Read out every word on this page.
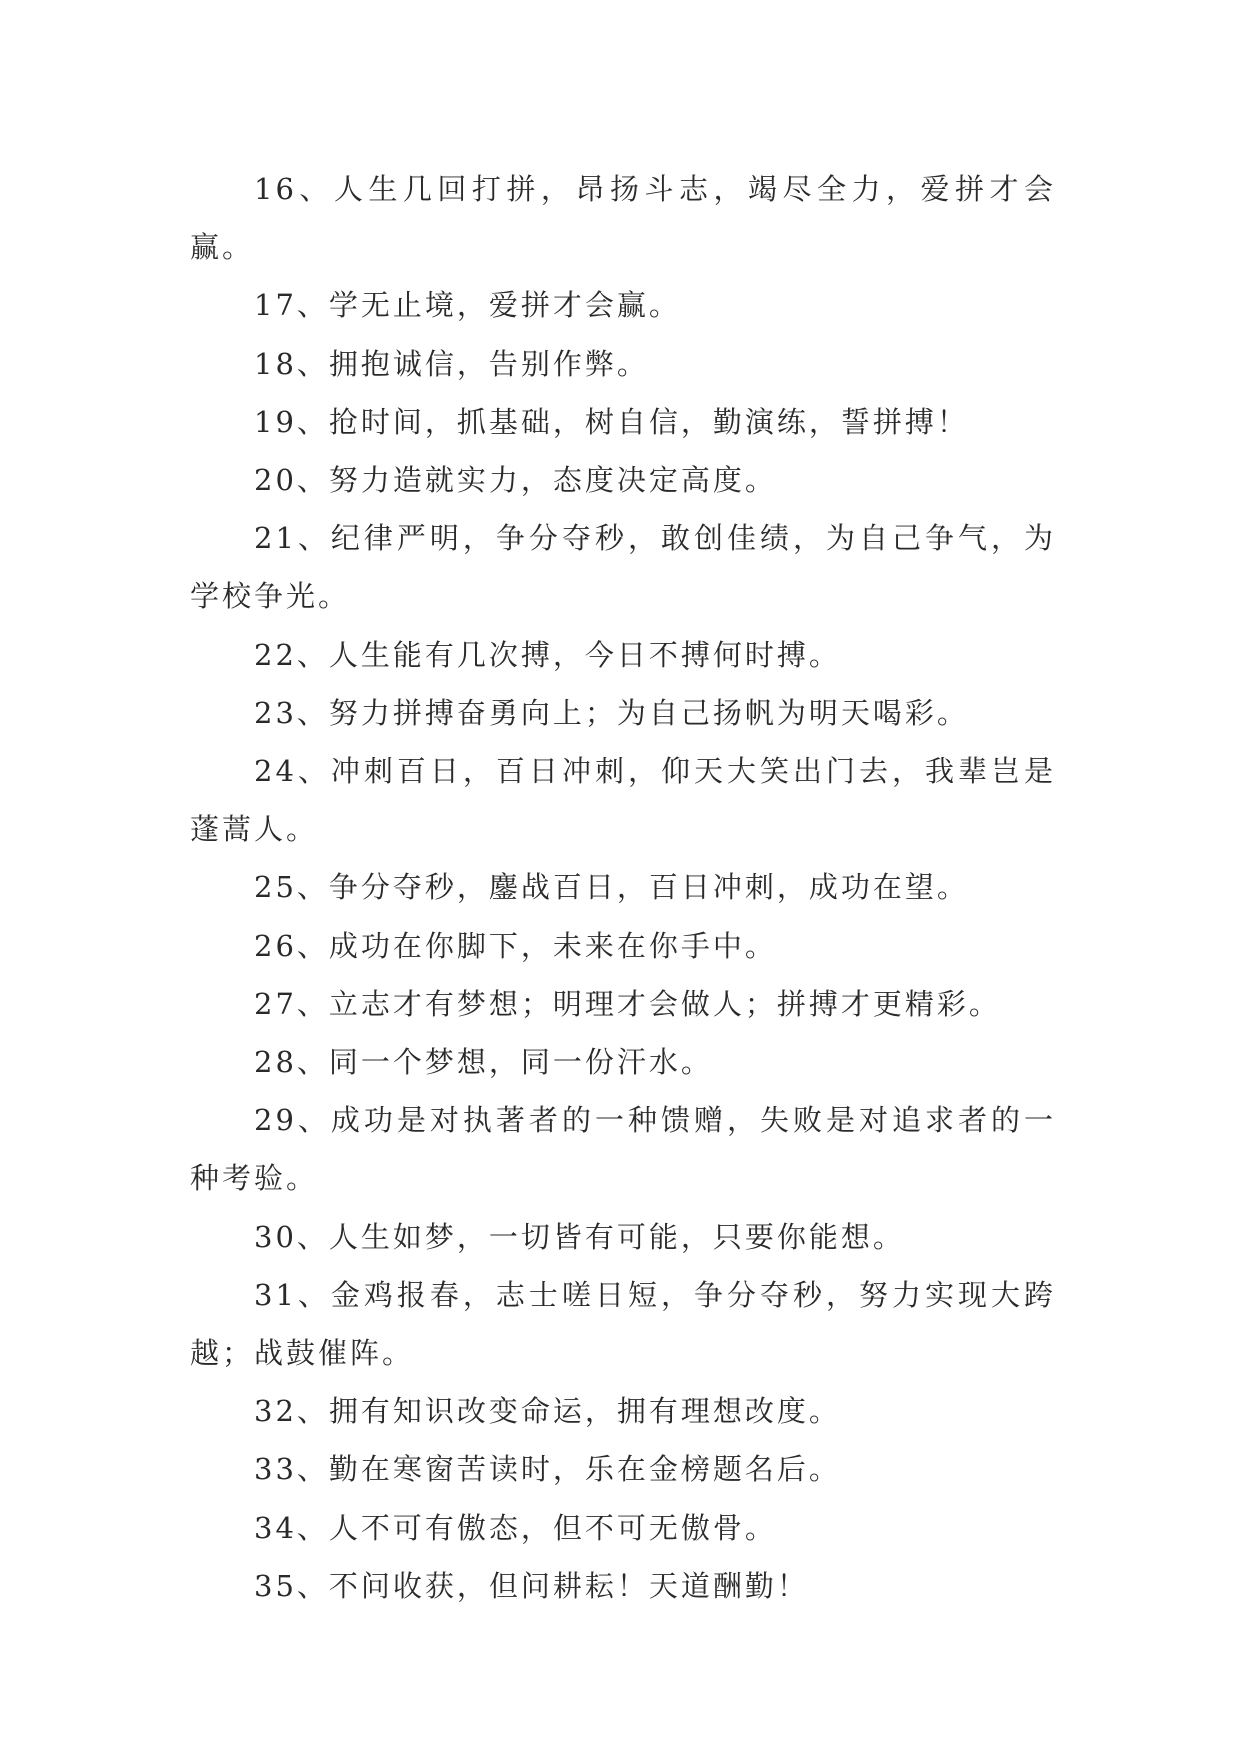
16、人生几回打拼，昂扬斗志，竭尽全力，爱拼才会赢。

17、学无止境，爱拼才会赢。

18、拥抱诚信，告别作弊。

19、抢时间，抓基础，树自信，勤演练，誓拼搏！

20、努力造就实力，态度决定高度。

21、纪律严明，争分夺秒，敢创佳绩，为自己争气，为学校争光。

22、人生能有几次搏，今日不搏何时搏。

23、努力拼搏奋勇向上；为自己扬帆为明天喝彩。

24、冲刺百日，百日冲刺，仰天大笑出门去，我辈岂是蓬蒿人。

25、争分夺秒，鏖战百日，百日冲刺，成功在望。

26、成功在你脚下，未来在你手中。

27、立志才有梦想；明理才会做人；拼搏才更精彩。

28、同一个梦想，同一份汗水。

29、成功是对执著者的一种馈赠，失败是对追求者的一种考验。

30、人生如梦，一切皆有可能，只要你能想。

31、金鸡报春，志士嗟日短，争分夺秒，努力实现大跨越；战鼓催阵。

32、拥有知识改变命运，拥有理想改度。

33、勤在寒窗苦读时，乐在金榜题名后。

34、人不可有傲态，但不可无傲骨。

35、不问收获，但问耕耘！天道酬勤！
